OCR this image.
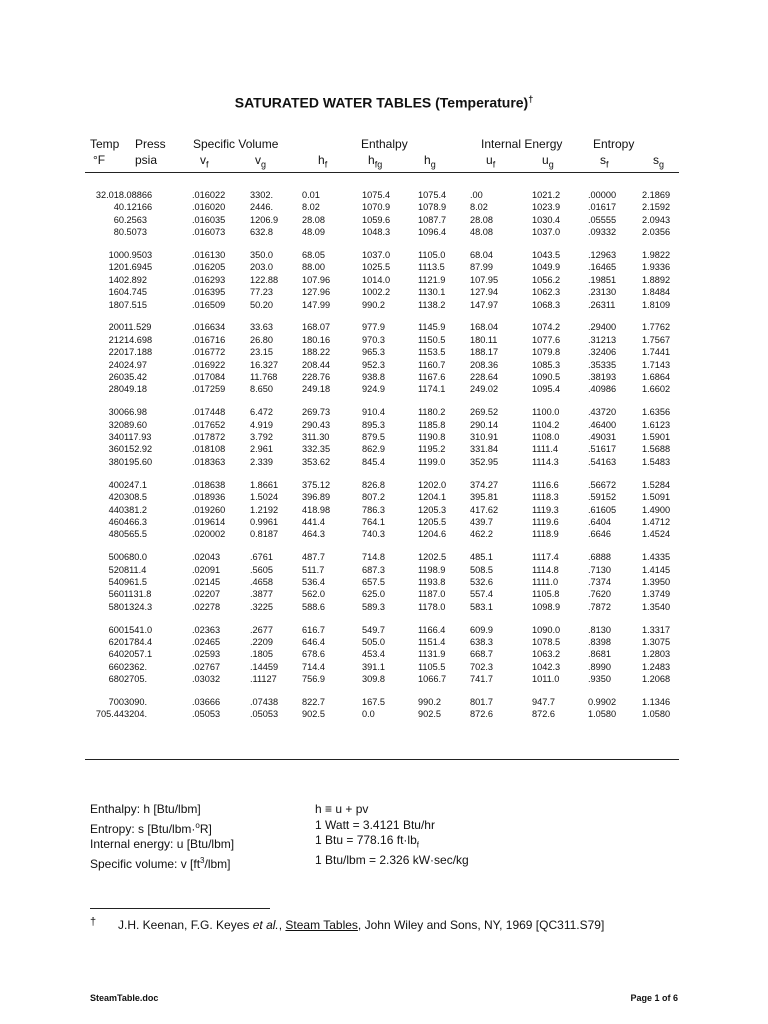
SATURATED WATER TABLES (Temperature)†
Temp Press Specific Volume	Enthalpy	Internal Energy	Entropy
°F psia	$v_f$	$v_g$	$h_f$	$h_{fg}$	$h_g$	$u_f$	$u_g$	$s_f$	$s_g$
32.018	.08866	.016022	3302.	0.01	1075.4	1075.4	.00	1021.2	.00000	2.1869
40	.12166	.016020	2446.	8.02	1070.9	1078.9	8.02	1023.9	.01617	2.1592
60	.2563	.016035	1206.9	28.08	1059.6	1087.7	28.08	1030.4	.05555	2.0943
80	.5073	.016073	632.8	48.09	1048.3	1096.4	48.08	1037.0	.09332	2.0356

100	0.9503	.016130	350.0	68.05	1037.0	1105.0	68.04	1043.5	.12963	1.9822
120	1.6945	.016205	203.0	88.00	1025.5	1113.5	87.99	1049.9	.16465	1.9336
140	2.892	.016293	122.88	107.96	1014.0	1121.9	107.95	1056.2	.19851	1.8892
160	4.745	.016395	77.23	127.96	1002.2	1130.1	127.94	1062.3	.23130	1.8484
180	7.515	.016509	50.20	147.99	990.2	1138.2	147.97	1068.3	.26311	1.8109

200	11.529	.016634	33.63	168.07	977.9	1145.9	168.04	1074.2	.29400	1.7762
212	14.698	.016716	26.80	180.16	970.3	1150.5	180.11	1077.6	.31213	1.7567
220	17.188	.016772	23.15	188.22	965.3	1153.5	188.17	1079.8	.32406	1.7441
240	24.97	.016922	16.327	208.44	952.3	1160.7	208.36	1085.3	.35335	1.7143
260	35.42	.017084	11.768	228.76	938.8	1167.6	228.64	1090.5	.38193	1.6864
280	49.18	.017259	8.650	249.18	924.9	1174.1	249.02	1095.4	.40986	1.6602

300	66.98	.017448	6.472	269.73	910.4	1180.2	269.52	1100.0	.43720	1.6356
320	89.60	.017652	4.919	290.43	895.3	1185.8	290.14	1104.2	.46400	1.6123
340	117.93	.017872	3.792	311.30	879.5	1190.8	310.91	1108.0	.49031	1.5901
360	152.92	.018108	2.961	332.35	862.9	1195.2	331.84	1111.4	.51617	1.5688
380	195.60	.018363	2.339	353.62	845.4	1199.0	352.95	1114.3	.54163	1.5483

400	247.1	.018638	1.8661	375.12	826.8	1202.0	374.27	1116.6	.56672	1.5284
420	308.5	.018936	1.5024	396.89	807.2	1204.1	395.81	1118.3	.59152	1.5091
440	381.2	.019260	1.2192	418.98	786.3	1205.3	417.62	1119.3	.61605	1.4900
460	466.3	.019614	0.9961	441.4	764.1	1205.5	439.7	1119.6	.6404	1.4712
480	565.5	.020002	0.8187	464.3	740.3	1204.6	462.2	1118.9	.6646	1.4524

500	680.0	.02043	.6761	487.7	714.8	1202.5	485.1	1117.4	.6888	1.4335
520	811.4	.02091	.5605	511.7	687.3	1198.9	508.5	1114.8	.7130	1.4145
540	961.5	.02145	.4658	536.4	657.5	1193.8	532.6	1111.0	.7374	1.3950
560	1131.8	.02207	.3877	562.0	625.0	1187.0	557.4	1105.8	.7620	1.3749
580	1324.3	.02278	.3225	588.6	589.3	1178.0	583.1	1098.9	.7872	1.3540

600	1541.0	.02363	.2677	616.7	549.7	1166.4	609.9	1090.0	.8130	1.3317
620	1784.4	.02465	.2209	646.4	505.0	1151.4	638.3	1078.5	.8398	1.3075
640	2057.1	.02593	.1805	678.6	453.4	1131.9	668.7	1063.2	.8681	1.2803
660	2362.	.02767	.14459	714.4	391.1	1105.5	702.3	1042.3	.8990	1.2483
680	2705.	.03032	.11127	756.9	309.8	1066.7	741.7	1011.0	.9350	1.2068

700	3090.	.03666	.07438	822.7	167.5	990.2	801.7	947.7	0.9902	1.1346
705.44	3204.	.05053	.05053	902.5	0.0	902.5	872.6	872.6	1.0580	1.0580
Enthalpy: h [Btu/lbm]
Entropy: s [Btu/lbm·$^o$R]
Internal energy: u [Btu/lbm]
Specific volume: v $[ft^3/lbm]$
h ≡ u + pv
1 Watt = 3.4121 Btu/hr
1 Btu = 778.16 $ft\cdot lb_f$
1 Btu/lbm = 2.326 kW·sec/kg
† J.H. Keenan, F.G. Keyes et al., Steam Tables, John Wiley and Sons, NY, 1969 [QC311.S79]
SteamTable.doc	Page 1 of 6
